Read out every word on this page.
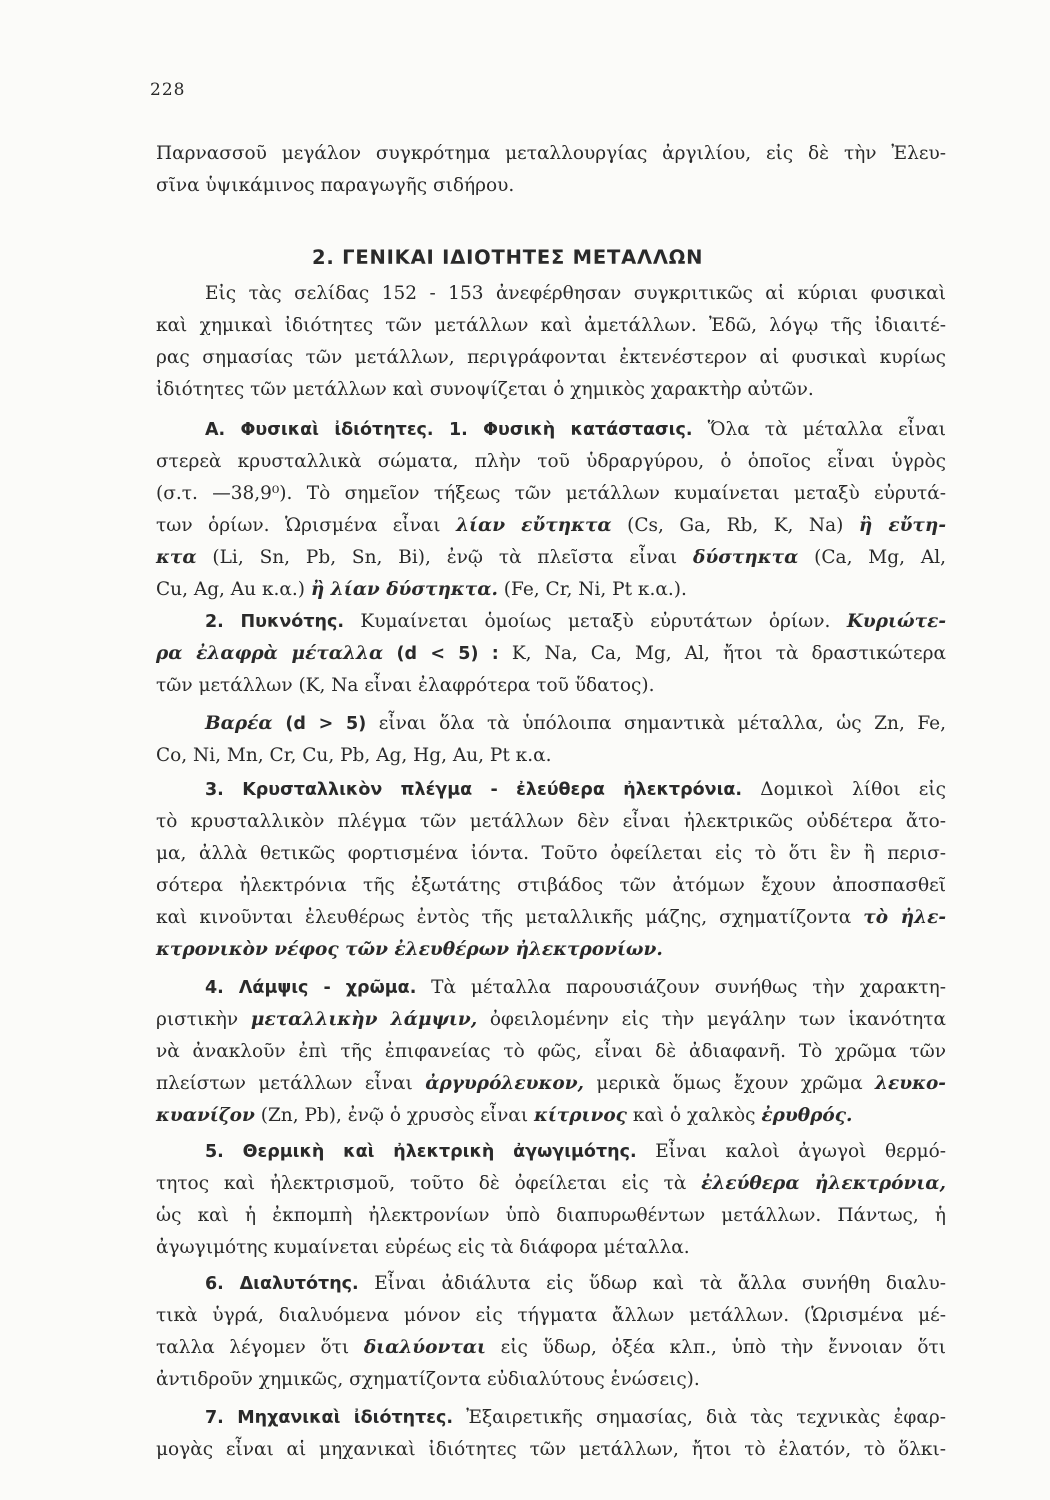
228
Παρνασσοῦ μεγάλον συγκρότημα μεταλλουργίας ἀργιλίου, εἰς δὲ τὴν Ἐλευ-
σῖνα ὑψικάμινος παραγωγῆς σιδήρου.
2. ΓΕΝΙΚΑΙ ΙΔΙΟΤΗΤΕΣ ΜΕΤΑΛΛΩΝ
Εἰς τὰς σελίδας 152 - 153 ἀνεφέρθησαν συγκριτικῶς αἱ κύριαι φυσικαὶ
καὶ χημικαὶ ἰδιότητες τῶν μετάλλων καὶ ἀμετάλλων. Ἐδῶ, λόγῳ τῆς ἰδιαιτέ-
ρας σημασίας τῶν μετάλλων, περιγράφονται ἐκτενέστερον αἱ φυσικαὶ κυρίως
ἰδιότητες τῶν μετάλλων καὶ συνοψίζεται ὁ χημικὸς χαρακτὴρ αὐτῶν.
Α. Φυσικαὶ ἰδιότητες. 1. Φυσικὴ κατάστασις. Ὅλα τὰ μέταλλα εἶναι
στερεὰ κρυσταλλικὰ σώματα, πλὴν τοῦ ὑδραργύρου, ὁ ὁποῖος εἶναι ὑγρὸς
(σ.τ. —38,9⁰). Τὸ σημεῖον τήξεως τῶν μετάλλων κυμαίνεται μεταξὺ εὐρυτά-
των ὁρίων. Ὡρισμένα εἶναι λίαν εὔτηκτα (Cs, Ga, Rb, K, Na) ἢ εὔτη-
κτα (Li, Sn, Pb, Sn, Bi), ἐνῷ τὰ πλεῖστα εἶναι δύστηκτα (Ca, Mg, Al,
Cu, Ag, Au κ.α.) ἢ λίαν δύστηκτα. (Fe, Cr, Ni, Pt κ.α.).
2. Πυκνότης. Κυμαίνεται ὁμοίως μεταξὺ εὐρυτάτων ὁρίων. Κυριώτε-
ρα ἐλαφρὰ μέταλλα (d < 5) : K, Na, Ca, Mg, Al, ἤτοι τὰ δραστικώτερα
τῶν μετάλλων (K, Na εἶναι ἐλαφρότερα τοῦ ὕδατος).
Βαρέα (d > 5) εἶναι ὅλα τὰ ὑπόλοιπα σημαντικὰ μέταλλα, ὡς Zn, Fe,
Co, Ni, Mn, Cr, Cu, Pb, Ag, Hg, Au, Pt κ.α.
3. Κρυσταλλικὸν πλέγμα - ἐλεύθερα ἠλεκτρόνια. Δομικοὶ λίθοι εἰς
τὸ κρυσταλλικὸν πλέγμα τῶν μετάλλων δὲν εἶναι ἠλεκτρικῶς οὐδέτερα ἄτο-
μα, ἀλλὰ θετικῶς φορτισμένα ἰόντα. Τοῦτο ὀφείλεται εἰς τὸ ὅτι ἓν ἢ περισ-
σότερα ἠλεκτρόνια τῆς ἐξωτάτης στιβάδος τῶν ἀτόμων ἔχουν ἀποσπασθεῖ
καὶ κινοῦνται ἐλευθέρως ἐντὸς τῆς μεταλλικῆς μάζης, σχηματίζοντα τὸ ἠλε-
κτρονικὸν νέφος τῶν ἐλευθέρων ἠλεκτρονίων.
4. Λάμψις - χρῶμα. Τὰ μέταλλα παρουσιάζουν συνήθως τὴν χαρακτη-
ριστικὴν μεταλλικὴν λάμψιν, ὀφειλομένην εἰς τὴν μεγάλην των ἱκανότητα
νὰ ἀνακλοῦν ἐπὶ τῆς ἐπιφανείας τὸ φῶς, εἶναι δὲ ἀδιαφανῆ. Τὸ χρῶμα τῶν
πλείστων μετάλλων εἶναι ἀργυρόλευκον, μερικὰ ὅμως ἔχουν χρῶμα λευκο-
κυανίζον (Zn, Pb), ἐνῷ ὁ χρυσὸς εἶναι κίτρινος καὶ ὁ χαλκὸς ἐρυθρός.
5. Θερμικὴ καὶ ἠλεκτρικὴ ἀγωγιμότης. Εἶναι καλοὶ ἀγωγοὶ θερμό-
τητος καὶ ἠλεκτρισμοῦ, τοῦτο δὲ ὀφείλεται εἰς τὰ ἐλεύθερα ἠλεκτρόνια,
ὡς καὶ ἡ ἐκπομπὴ ἠλεκτρονίων ὑπὸ διαπυρωθέντων μετάλλων. Πάντως, ἡ
ἀγωγιμότης κυμαίνεται εὐρέως εἰς τὰ διάφορα μέταλλα.
6. Διαλυτότης. Εἶναι ἀδιάλυτα εἰς ὕδωρ καὶ τὰ ἄλλα συνήθη διαλυ-
τικὰ ὑγρά, διαλυόμενα μόνον εἰς τήγματα ἄλλων μετάλλων. (Ὡρισμένα μέ-
ταλλα λέγομεν ὅτι διαλύονται εἰς ὕδωρ, ὀξέα κλπ., ὑπὸ τὴν ἔννοιαν ὅτι
ἀντιδροῦν χημικῶς, σχηματίζοντα εὐδιαλύτους ἑνώσεις).
7. Μηχανικαὶ ἰδιότητες. Ἐξαιρετικῆς σημασίας, διὰ τὰς τεχνικὰς ἐφαρ-
μογὰς εἶναι αἱ μηχανικαὶ ἰδιότητες τῶν μετάλλων, ἤτοι τὸ ἐλατόν, τὸ ὅλκι-
